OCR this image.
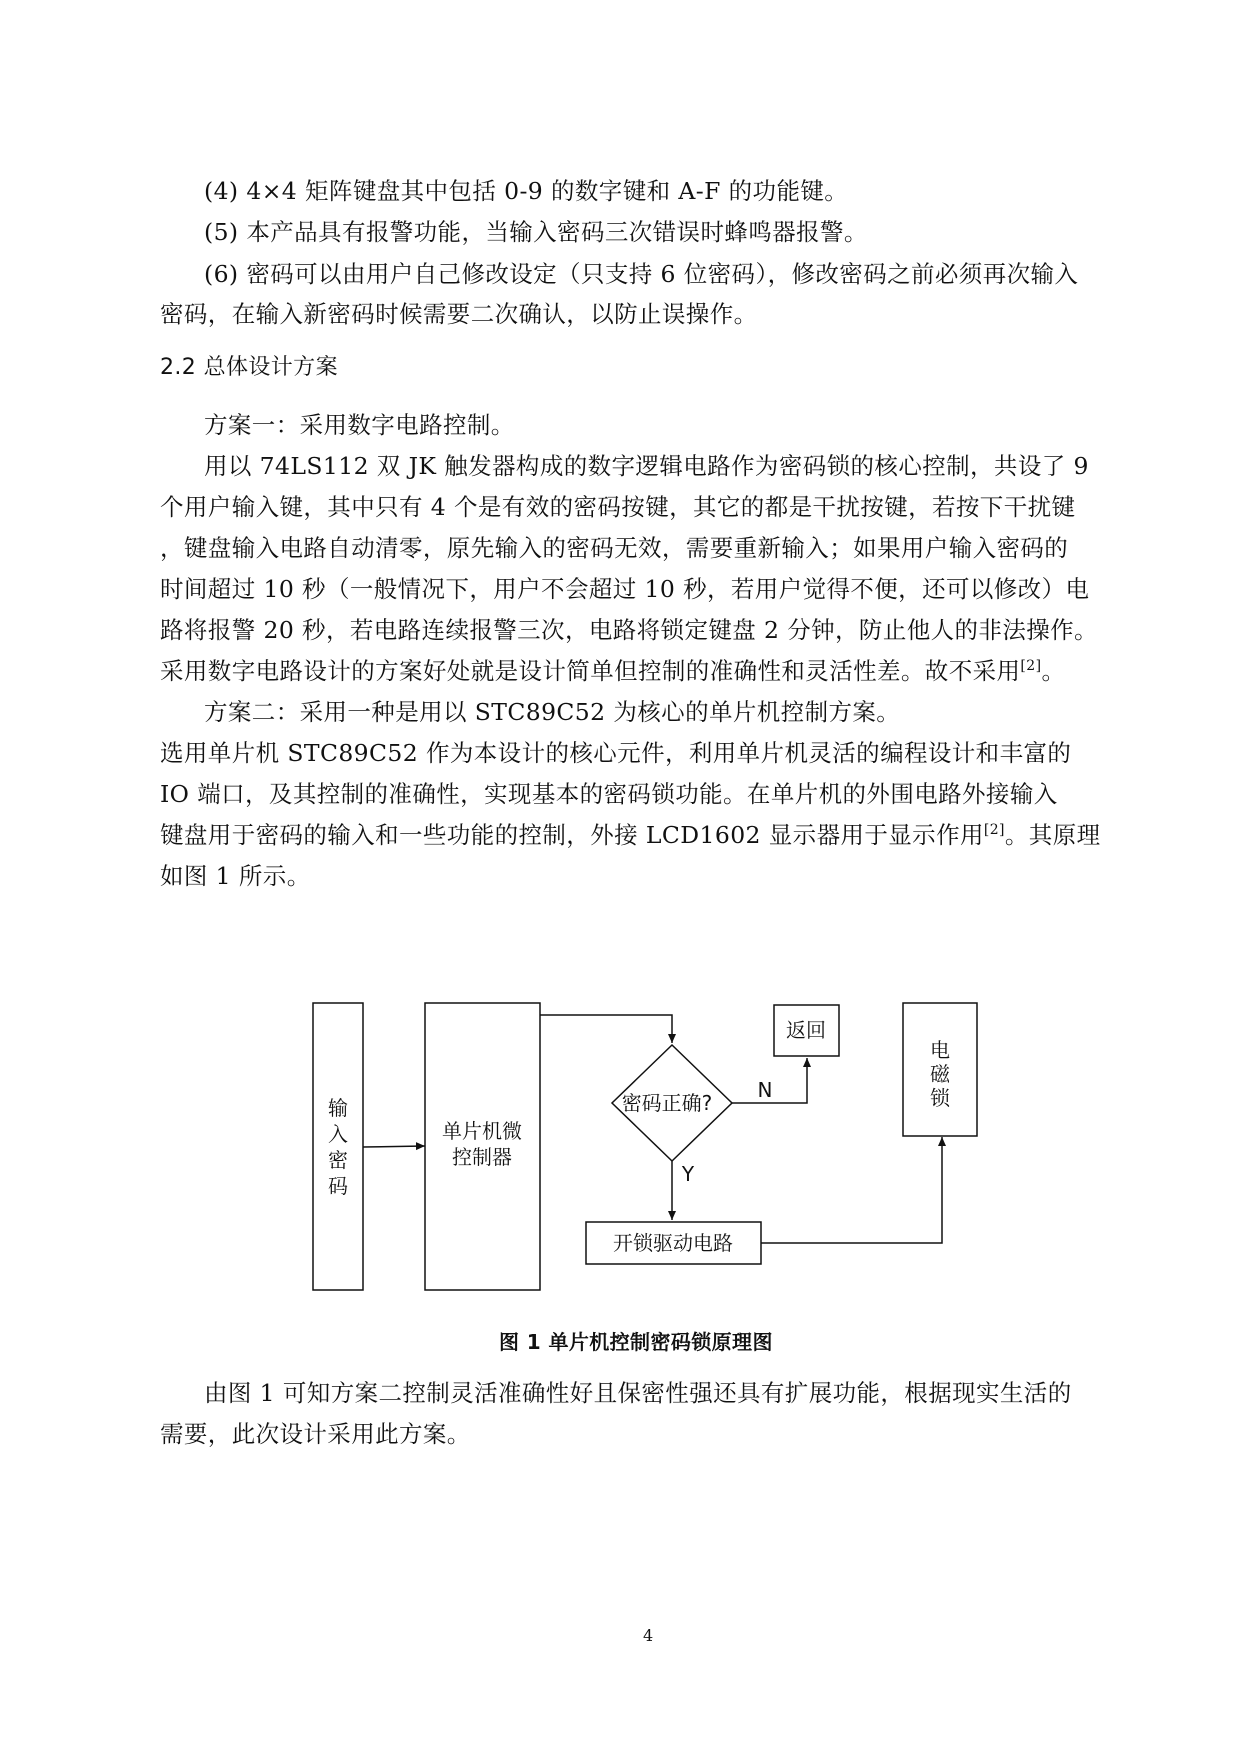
(4) 4×4 矩阵键盘其中包括 0-9 的数字键和 A-F 的功能键。
(5) 本产品具有报警功能，当输入密码三次错误时蜂鸣器报警。
(6) 密码可以由用户自己修改设定（只支持 6 位密码），修改密码之前必须再次输入
密码，在输入新密码时候需要二次确认，以防止误操作。
2.2 总体设计方案
方案一：采用数字电路控制。
用以 74LS112 双 JK 触发器构成的数字逻辑电路作为密码锁的核心控制，共设了 9
个用户输入键，其中只有 4 个是有效的密码按键，其它的都是干扰按键，若按下干扰键
，键盘输入电路自动清零，原先输入的密码无效，需要重新输入；如果用户输入密码的
时间超过 10 秒（一般情况下，用户不会超过 10 秒，若用户觉得不便，还可以修改）电
路将报警 20 秒，若电路连续报警三次，电路将锁定键盘 2 分钟，防止他人的非法操作。
采用数字电路设计的方案好处就是设计简单但控制的准确性和灵活性差。故不采用[2]。
方案二：采用一种是用以 STC89C52 为核心的单片机控制方案。
选用单片机 STC89C52 作为本设计的核心元件，利用单片机灵活的编程设计和丰富的
IO 端口，及其控制的准确性，实现基本的密码锁功能。在单片机的外围电路外接输入
键盘用于密码的输入和一些功能的控制，外接 LCD1602 显示器用于显示作用[2]。其原理
如图 1 所示。
输
入
密
码
单片机微
控制器
密码正确?
N
返回
Y
开锁驱动电路
电
磁
锁
图 1 单片机控制密码锁原理图
由图 1 可知方案二控制灵活准确性好且保密性强还具有扩展功能，根据现实生活的
需要，此次设计采用此方案。
4
